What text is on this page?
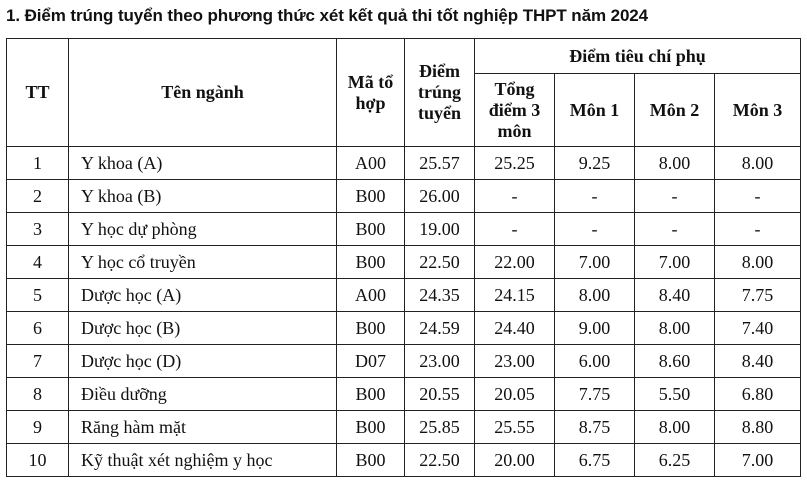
1. Điểm trúng tuyển theo phương thức xét kết quả thi tốt nghiệp THPT năm 2024
TT	Tên ngành	Mã tổ hợp	Điểm trúng tuyển	Điểm tiêu chí phụ			
				Tổng điểm 3 môn	Môn 1	Môn 2	Môn 3
1	Y khoa (A)	A00	25.57	25.25	9.25	8.00	8.00
2	Y khoa (B)	B00	26.00	-	-	-	-
3	Y học dự phòng	B00	19.00	-	-	-	-
4	Y học cổ truyền	B00	22.50	22.00	7.00	7.00	8.00
5	Dược học (A)	A00	24.35	24.15	8.00	8.40	7.75
6	Dược học (B)	B00	24.59	24.40	9.00	8.00	7.40
7	Dược học (D)	D07	23.00	23.00	6.00	8.60	8.40
8	Điều dưỡng	B00	20.55	20.05	7.75	5.50	6.80
9	Răng hàm mặt	B00	25.85	25.55	8.75	8.00	8.80
10	Kỹ thuật xét nghiệm y học	B00	22.50	20.00	6.75	6.25	7.00
